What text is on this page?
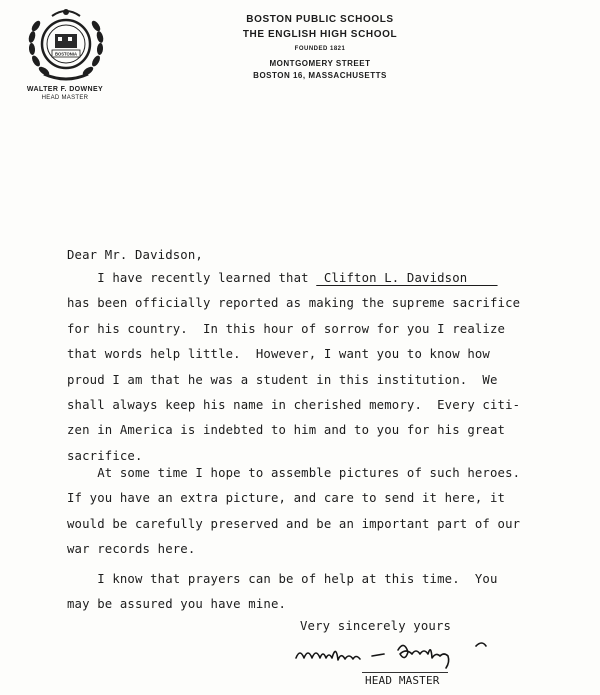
BOSTONIA
WALTER F. DOWNEY
HEAD MASTER
BOSTON PUBLIC SCHOOLS
THE ENGLISH HIGH SCHOOL
FOUNDED 1821
MONTGOMERY STREET
BOSTON 16, MASSACHUSETTS
Dear Mr. Davidson,
I have recently learned that  Clifton L. Davidson
has been officially reported as making the supreme sacrifice
for his country.  In this hour of sorrow for you I realize
that words help little.  However, I want you to know how
proud I am that he was a student in this institution.  We
shall always keep his name in cherished memory.  Every citi-
zen in America is indebted to him and to you for his great
sacrifice.
At some time I hope to assemble pictures of such heroes.
If you have an extra picture, and care to send it here, it
would be carefully preserved and be an important part of our
war records here.
I know that prayers can be of help at this time.  You
may be assured you have mine.
Very sincerely yours
HEAD MASTER
